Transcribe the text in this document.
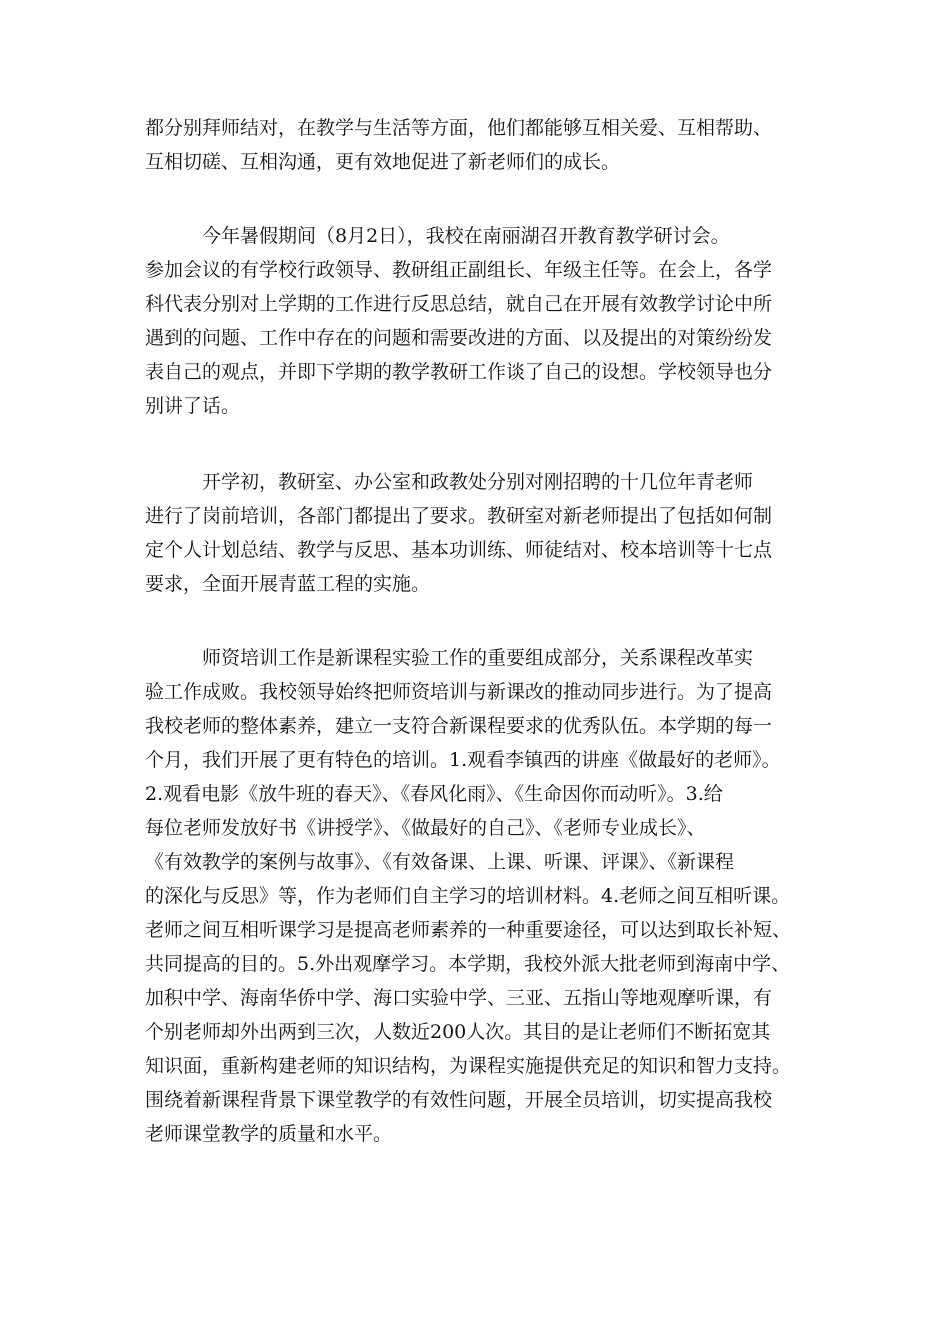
都分别拜师结对，在教学与生活等方面，他们都能够互相关爱、互相帮助、
互相切磋、互相沟通，更有效地促进了新老师们的成长。
　　　今年暑假期间（8月2日），我校在南丽湖召开教育教学研讨会。
参加会议的有学校行政领导、教研组正副组长、年级主任等。在会上，各学
科代表分别对上学期的工作进行反思总结，就自己在开展有效教学讨论中所
遇到的问题、工作中存在的问题和需要改进的方面、以及提出的对策纷纷发
表自己的观点，并即下学期的教学教研工作谈了自己的设想。学校领导也分
别讲了话。
　　　开学初，教研室、办公室和政教处分别对刚招聘的十几位年青老师
进行了岗前培训，各部门都提出了要求。教研室对新老师提出了包括如何制
定个人计划总结、教学与反思、基本功训练、师徒结对、校本培训等十七点
要求，全面开展青蓝工程的实施。
　　　师资培训工作是新课程实验工作的重要组成部分，关系课程改革实
验工作成败。我校领导始终把师资培训与新课改的推动同步进行。为了提高
我校老师的整体素养，建立一支符合新课程要求的优秀队伍。本学期的每一
个月，我们开展了更有特色的培训。1.观看李镇西的讲座《做最好的老师》。
2.观看电影《放牛班的春天》、《春风化雨》、《生命因你而动听》。3.给
每位老师发放好书《讲授学》、《做最好的自己》、《老师专业成长》、
《有效教学的案例与故事》、《有效备课、上课、听课、评课》、《新课程
的深化与反思》等，作为老师们自主学习的培训材料。4.老师之间互相听课。
老师之间互相听课学习是提高老师素养的一种重要途径，可以达到取长补短、
共同提高的目的。5.外出观摩学习。本学期，我校外派大批老师到海南中学、
加积中学、海南华侨中学、海口实验中学、三亚、五指山等地观摩听课，有
个别老师却外出两到三次，人数近200人次。其目的是让老师们不断拓宽其
知识面，重新构建老师的知识结构，为课程实施提供充足的知识和智力支持。
围绕着新课程背景下课堂教学的有效性问题，开展全员培训，切实提高我校
老师课堂教学的质量和水平。
